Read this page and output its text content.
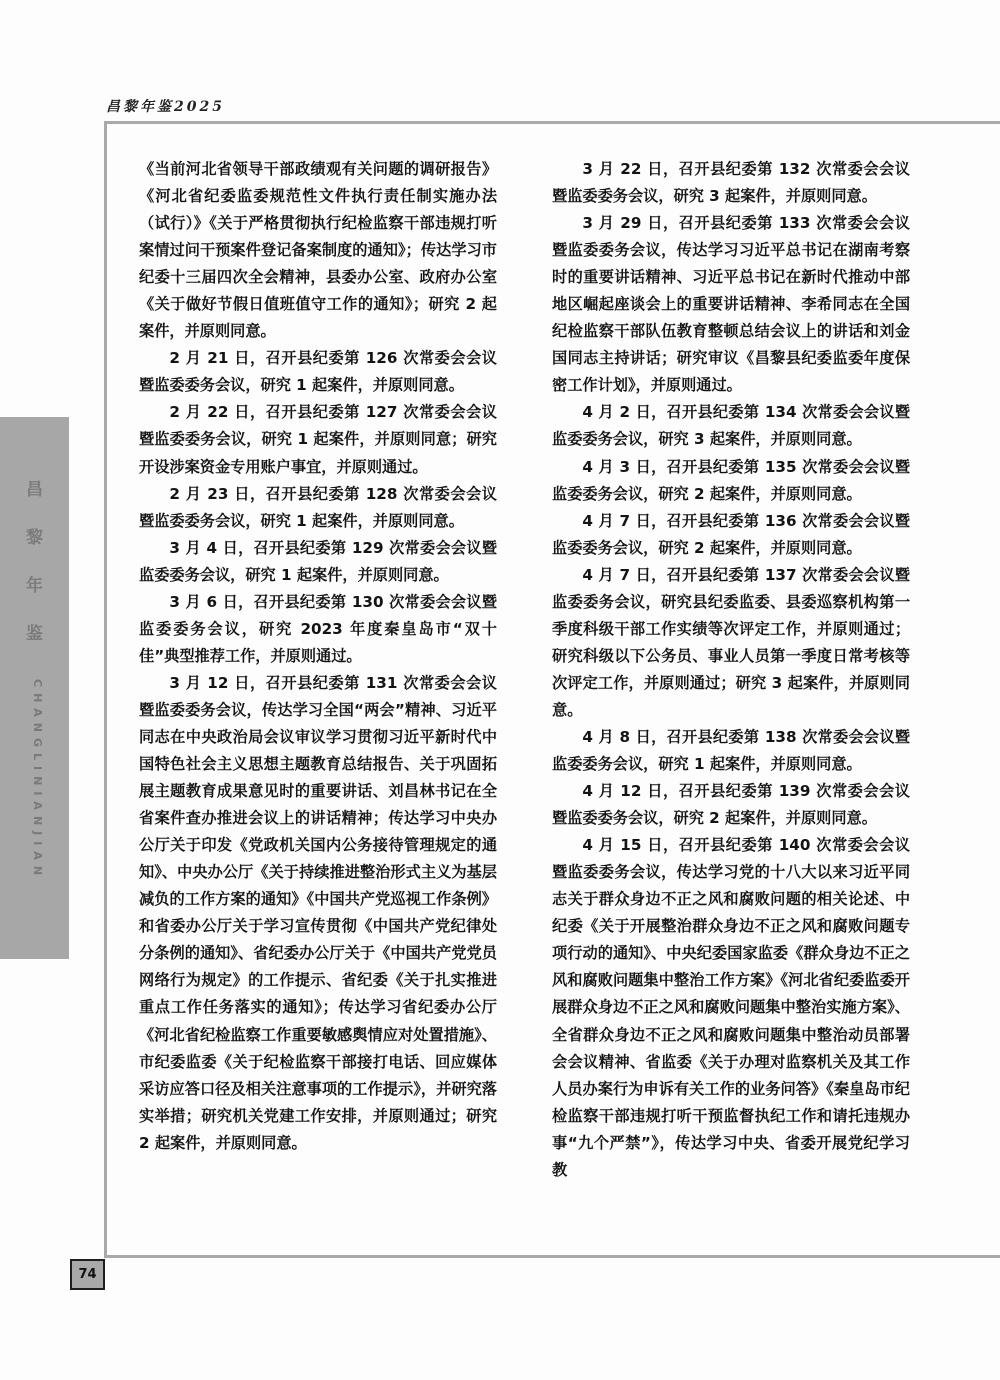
昌黎年鉴2025
昌
黎
年
鉴
CHANGLINIANJIAN
74

《当前河北省领导干部政绩观有关问题的调研报告》《河北省纪委监委规范性文件执行责任制实施办法（试行）》《关于严格贯彻执行纪检监察干部违规打听案情过问干预案件登记备案制度的通知》；传达学习市纪委十三届四次全会精神，县委办公室、政府办公室《关于做好节假日值班值守工作的通知》；研究 2 起案件，并原则同意。

2 月 21 日，召开县纪委第 126 次常委会会议暨监委委务会议，研究 1 起案件，并原则同意。

2 月 22 日，召开县纪委第 127 次常委会会议暨监委委务会议，研究 1 起案件，并原则同意；研究开设涉案资金专用账户事宜，并原则通过。

2 月 23 日，召开县纪委第 128 次常委会会议暨监委委务会议，研究 1 起案件，并原则同意。

3 月 4 日，召开县纪委第 129 次常委会会议暨监委委务会议，研究 1 起案件，并原则同意。

3 月 6 日，召开县纪委第 130 次常委会会议暨监委委务会议，研究 2023 年度秦皇岛市“双十佳”典型推荐工作，并原则通过。

3 月 12 日，召开县纪委第 131 次常委会会议暨监委委务会议，传达学习全国“两会”精神、习近平同志在中央政治局会议审议学习贯彻习近平新时代中国特色社会主义思想主题教育总结报告、关于巩固拓展主题教育成果意见时的重要讲话、刘昌林书记在全省案件查办推进会议上的讲话精神；传达学习中央办公厅关于印发《党政机关国内公务接待管理规定的通知》、中央办公厅《关于持续推进整治形式主义为基层减负的工作方案的通知》《中国共产党巡视工作条例》和省委办公厅关于学习宣传贯彻《中国共产党纪律处分条例的通知》、省纪委办公厅关于《中国共产党党员网络行为规定》的工作提示、省纪委《关于扎实推进重点工作任务落实的通知》；传达学习省纪委办公厅《河北省纪检监察工作重要敏感舆情应对处置措施》、市纪委监委《关于纪检监察干部接打电话、回应媒体采访应答口径及相关注意事项的工作提示》，并研究落实举措；研究机关党建工作安排，并原则通过；研究 2 起案件，并原则同意。

3 月 22 日，召开县纪委第 132 次常委会会议暨监委委务会议，研究 3 起案件，并原则同意。

3 月 29 日，召开县纪委第 133 次常委会会议暨监委委务会议，传达学习习近平总书记在湖南考察时的重要讲话精神、习近平总书记在新时代推动中部地区崛起座谈会上的重要讲话精神、李希同志在全国纪检监察干部队伍教育整顿总结会议上的讲话和刘金国同志主持讲话；研究审议《昌黎县纪委监委年度保密工作计划》，并原则通过。

4 月 2 日，召开县纪委第 134 次常委会会议暨监委委务会议，研究 3 起案件，并原则同意。

4 月 3 日，召开县纪委第 135 次常委会会议暨监委委务会议，研究 2 起案件，并原则同意。

4 月 7 日，召开县纪委第 136 次常委会会议暨监委委务会议，研究 2 起案件，并原则同意。

4 月 7 日，召开县纪委第 137 次常委会会议暨监委委务会议，研究县纪委监委、县委巡察机构第一季度科级干部工作实绩等次评定工作，并原则通过；研究科级以下公务员、事业人员第一季度日常考核等次评定工作，并原则通过；研究 3 起案件，并原则同意。

4 月 8 日，召开县纪委第 138 次常委会会议暨监委委务会议，研究 1 起案件，并原则同意。

4 月 12 日，召开县纪委第 139 次常委会会议暨监委委务会议，研究 2 起案件，并原则同意。

4 月 15 日，召开县纪委第 140 次常委会会议暨监委委务会议，传达学习党的十八大以来习近平同志关于群众身边不正之风和腐败问题的相关论述、中纪委《关于开展整治群众身边不正之风和腐败问题专项行动的通知》、中央纪委国家监委《群众身边不正之风和腐败问题集中整治工作方案》《河北省纪委监委开展群众身边不正之风和腐败问题集中整治实施方案》、全省群众身边不正之风和腐败问题集中整治动员部署会会议精神、省监委《关于办理对监察机关及其工作人员办案行为申诉有关工作的业务问答》《秦皇岛市纪检监察干部违规打听干预监督执纪工作和请托违规办事“九个严禁”》，传达学习中央、省委开展党纪学习教
